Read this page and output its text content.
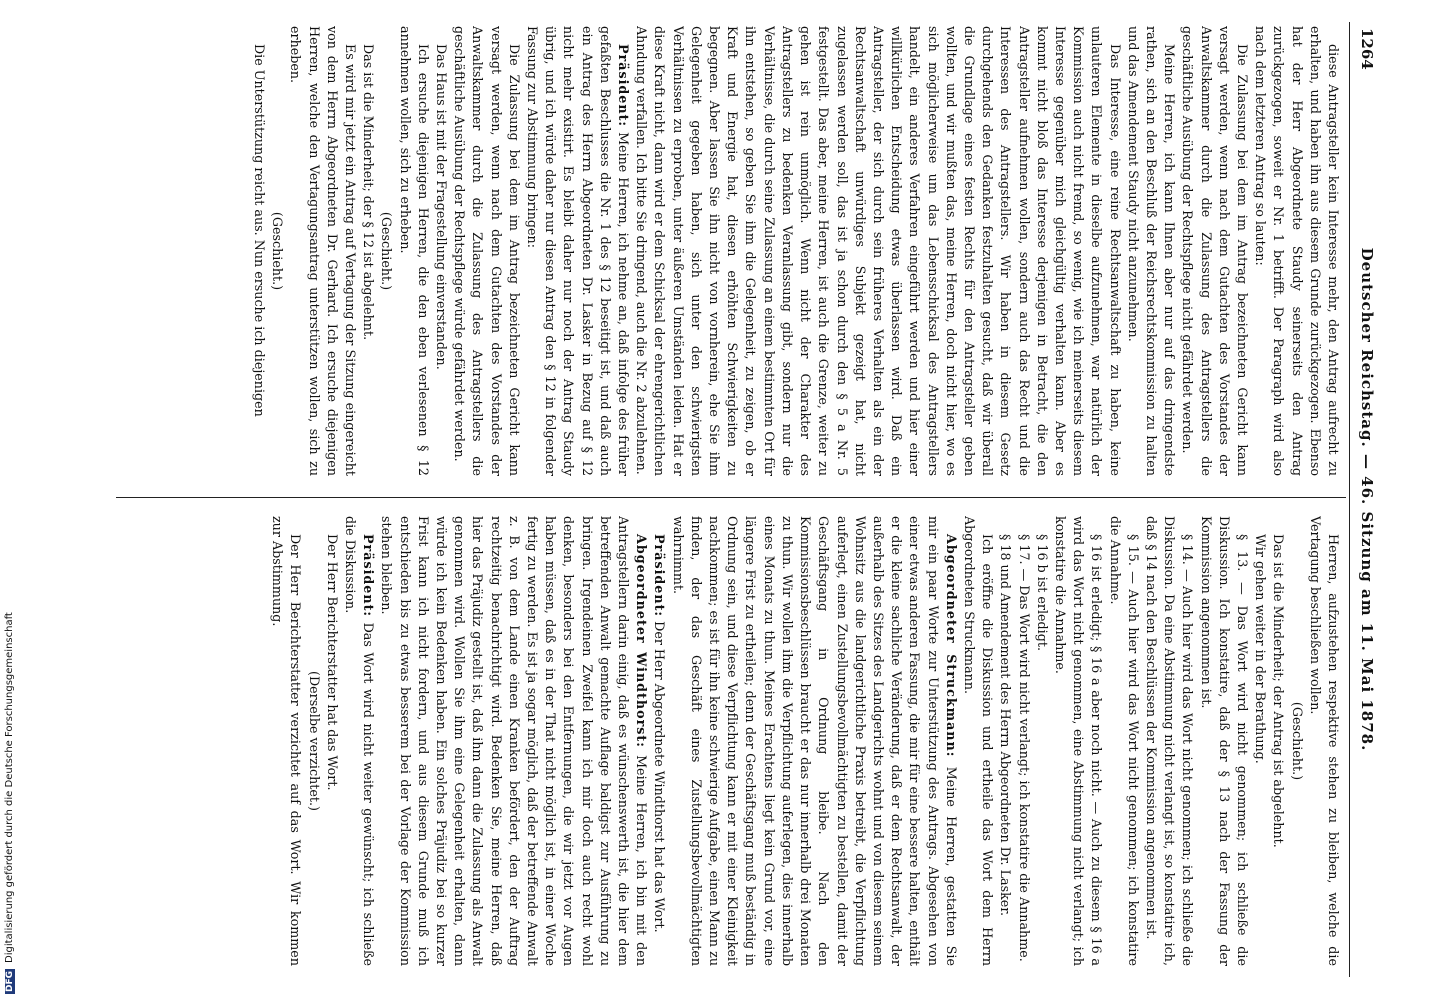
1264
Deutscher Reichstag. — 46. Sitzung am 11. Mai 1878.

diese Antragsteller kein Interesse mehr, den Antrag aufrecht zu erhalten, und haben ihn aus diesem Grunde zurückgezogen. Ebenso hat der Herr Abgeordnete Staudy seinerseits den Antrag zurückgezogen, soweit er Nr. 1 betrifft. Der Paragraph wird also nach dem letzteren Antrag so lauten:

Die Zulassung bei dem im Antrag bezeichneten Gericht kann versagt werden, wenn nach dem Gutachten des Vorstandes der Anwaltskammer durch die Zulassung des Antragstellers die geschäftliche Ausübung der Rechtspflege nicht gefährdet werden.

Meine Herren, ich kann Ihnen aber nur auf das dringendste rathen, sich an den Beschluß der Reichsrechtskommission zu halten und das Amendement Staudy nicht anzunehmen.

Das Interesse, eine reine Rechtsanwaltschaft zu haben, keine unlauteren Elemente in dieselbe aufzunehmen, war natürlich der Kommission auch nicht fremd, so wenig, wie ich meinerseits diesem Interesse gegenüber mich gleichgültig verhalten kann. Aber es kommt nicht bloß das Interesse derjenigen in Betracht, die den Antragsteller aufnehmen wollen, sondern auch das Recht und die Interessen des Antragstellers. Wir haben in diesem Gesetz durchgehends den Gedanken festzuhalten gesucht, daß wir überall die Grundlage eines festen Rechts für den Antragsteller geben wollten, und wir mußten das, meine Herren, doch nicht hier, wo es sich möglicherweise um das Lebensschicksal des Antragstellers handelt, ein anderes Verfahren eingeführt werden und hier einer willkürlichen Entscheidung etwas überlassen wird. Daß ein Antragsteller, der sich durch sein früheres Verhalten als ein der Rechtsanwaltschaft unwürdiges Subjekt gezeigt hat, nicht zugelassen werden soll, das ist ja schon durch den § 5 a Nr. 5 festgestellt. Das aber, meine Herren, ist auch die Grenze, weiter zu gehen ist rein unmöglich. Wenn nicht der Charakter des Antragstellers zu bedenken Veranlassung gibt, sondern nur die Verhältnisse, die durch seine Zulassung an einem bestimmten Ort für ihn entstehen, so geben Sie ihm die Gelegenheit, zu zeigen, ob er Kraft und Energie hat, diesen erhöhten Schwierigkeiten zu begegnen. Aber lassen Sie ihn nicht von vornherein, ehe Sie ihm Gelegenheit gegeben haben, sich unter den schwierigsten Verhältnissen zu erproben, unter äußeren Umständen leiden. Hat er diese Kraft nicht, dann wird er dem Schicksal der ehrengerichtlichen Ahndung verfallen. Ich bitte Sie dringend, auch die Nr. 2 abzulehnen.

Präsident: Meine Herren, ich nehme an, daß infolge des früher gefaßten Beschlusses die Nr. 1 des § 12 beseitigt ist, und daß auch ein Antrag des Herrn Abgeordneten Dr. Lasker in Bezug auf § 12 nicht mehr existirt. Es bleibt daher nur noch der Antrag Staudy übrig, und ich würde daher nur diesen Antrag den § 12 in folgender Fassung zur Abstimmung bringen:

Die Zulassung bei dem im Antrag bezeichneten Gericht kann versagt werden, wenn nach dem Gutachten des Vorstandes der Anwaltskammer durch die Zulassung des Antragstellers die geschäftliche Ausübung der Rechtspflege würde gefährdet werden.

Das Haus ist mit der Fragestellung einverstanden.

Ich ersuche diejenigen Herren, die den eben verlesenen § 12 annehmen wollen, sich zu erheben.

(Geschieht.)

Das ist die Minderheit; der § 12 ist abgelehnt.

Es wird mir jetzt ein Antrag auf Vertagung der Sitzung eingereicht von dem Herrn Abgeordneten Dr. Gerhard. Ich ersuche diejenigen Herren, welche den Vertagungsantrag unterstützen wollen, sich zu erheben.

(Geschieht.)

Die Unterstützung reicht aus. Nun ersuche ich diejenigen

Herren, aufzustehen respektive stehen zu bleiben, welche die Vertagung beschließen wollen.

(Geschieht.)

Das ist die Minderheit; der Antrag ist abgelehnt.

Wir gehen weiter in der Berathung.

§ 13. — Das Wort wird nicht genommen; ich schließe die Diskussion. Ich konstatire, daß der § 13 nach der Fassung der Kommission angenommen ist.

§ 14. — Auch hier wird das Wort nicht genommen; ich schließe die Diskussion. Da eine Abstimmung nicht verlangt ist, so konstatire ich, daß § 14 nach den Beschlüssen der Kommission angenommen ist.

§ 15. — Auch hier wird das Wort nicht genommen; ich konstatire die Annahme.

§ 16 ist erledigt; § 16 a aber noch nicht. — Auch zu diesem § 16 a wird das Wort nicht genommen, eine Abstimmung nicht verlangt; ich konstatire die Annahme.

§ 16 b ist erledigt.

§ 17. — Das Wort wird nicht verlangt; ich konstatire die Annahme.

§ 18 und Amendement des Herrn Abgeordneten Dr. Lasker.

Ich eröffne die Diskussion und ertheile das Wort dem Herrn Abgeordneten Struckmann.

Abgeordneter Struckmann: Meine Herren, gestatten Sie mir ein paar Worte zur Unterstützung des Antrags. Abgesehen von einer etwas anderen Fassung, die mir für eine bessere halten, enthält er die kleine sachliche Veränderung, daß er dem Rechtsanwalt, der außerhalb des Sitzes des Landgerichts wohnt und von diesem seinem Wohnsitz aus die landgerichtliche Praxis betreibt, die Verpflichtung auferlegt, einen Zustellungsbevollmächtigten zu bestellen, damit der Geschäftsgang in Ordnung bleibe. Nach den Kommissionsbeschlüssen braucht er das nur innerhalb drei Monaten zu thun. Wir wollen ihm die Verpflichtung auferlegen, dies innerhalb eines Monats zu thun. Meines Erachtens liegt kein Grund vor, eine längere Frist zu ertheilen; denn der Geschäftsgang muß beständig in Ordnung sein, und diese Verpflichtung kann er mit einer Kleinigkeit nachkommen; es ist für ihn keine schwierige Aufgabe, einen Mann zu finden, der das Geschäft eines Zustellungsbevollmächtigten wahrnimmt.

Präsident: Der Herr Abgeordnete Windthorst hat das Wort.

Abgeordneter Windthorst: Meine Herren, ich bin mit den Antragstellern darin einig, daß es wünschenswerth ist, die hier dem betreffenden Anwalt gemachte Auflage baldigst zur Ausführung zu bringen. Irgendeinen Zweifel kann ich mir doch auch recht wohl denken, besonders bei den Entfernungen, die wir jetzt vor Augen haben müssen, daß es in der That nicht möglich ist, in einer Woche fertig zu werden. Es ist ja sogar möglich, daß der betreffende Anwalt z. B. von dem Lande einen Kranken befördert, den der Auftrag rechtzeitig benachrichtigt wird. Bedenken Sie, meine Herren, daß hier das Präjudiz gestellt ist, daß ihm dann die Zulassung als Anwalt genommen wird. Wollen Sie ihm eine Gelegenheit erhalten, dann würde ich kein Bedenken haben. Ein solches Präjudiz bei so kurzer Frist kann ich nicht fordern, und aus diesem Grunde muß ich entschieden bis zu etwas besserem bei der Vorlage der Kommission stehen bleiben.

Präsident: Das Wort wird nicht weiter gewünscht; ich schließe die Diskussion.

Der Herr Berichterstatter hat das Wort.

(Derselbe verzichtet.)

Der Herr Berichterstatter verzichtet auf das Wort. Wir kommen zur Abstimmung.

DFGDigitalisierung gefördert durch die Deutsche Forschungsgemeinschaft
